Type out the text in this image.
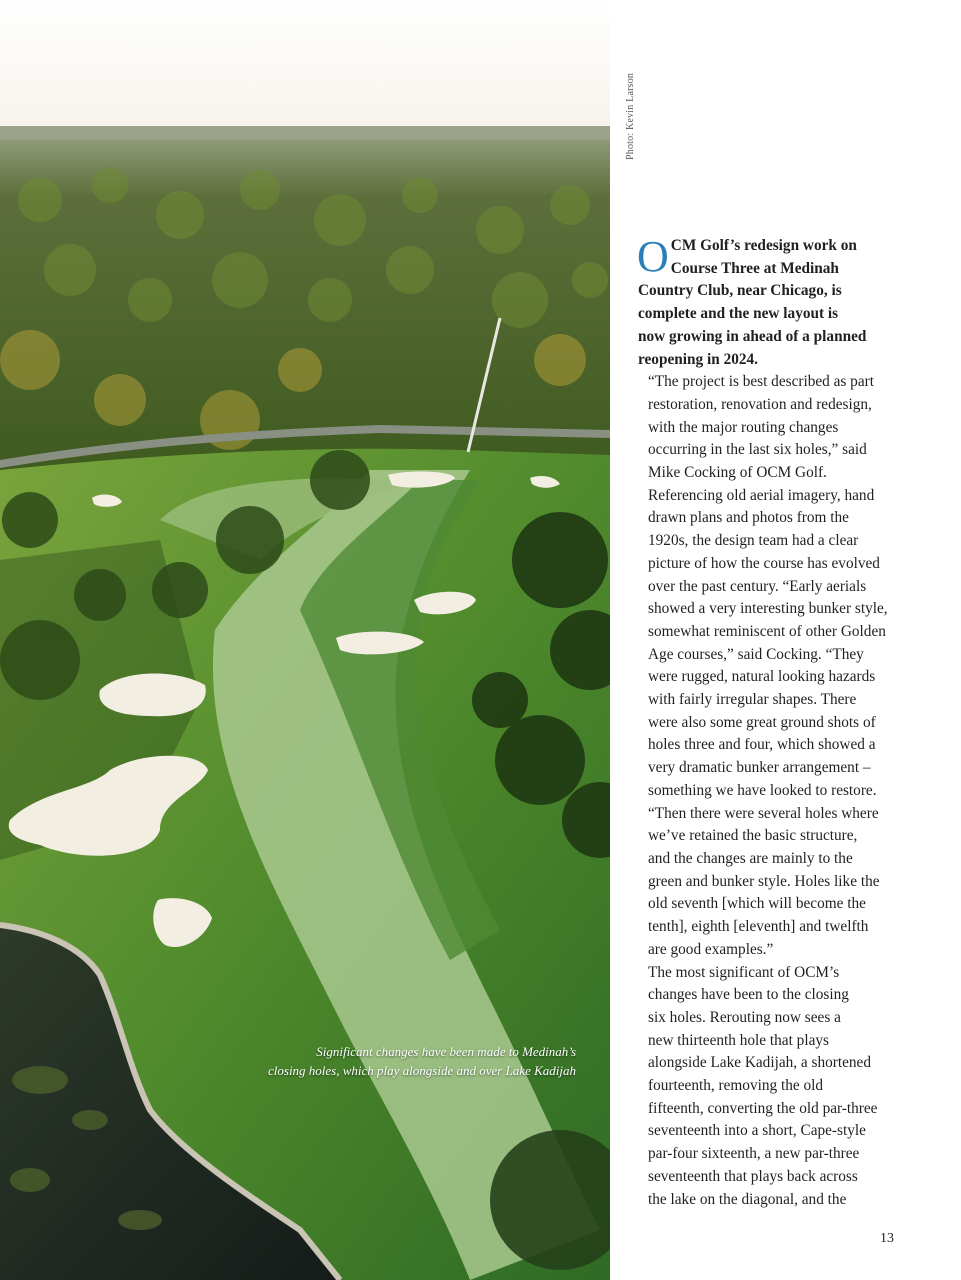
Photo: Kevin Larson
Significant changes have been made to Medinah’s
closing holes, which play alongside and over Lake Kadijah

O CM Golf’s redesign work on
Course Three at Medinah
Country Club, near Chicago, is
complete and the new layout is
now growing in ahead of a planned
reopening in 2024.

“The project is best described as part
restoration, renovation and redesign,
with the major routing changes
occurring in the last six holes,” said
Mike Cocking of OCM Golf.

Referencing old aerial imagery, hand
drawn plans and photos from the
1920s, the design team had a clear
picture of how the course has evolved
over the past century. “Early aerials
showed a very interesting bunker style,
somewhat reminiscent of other Golden
Age courses,” said Cocking. “They
were rugged, natural looking hazards
with fairly irregular shapes. There
were also some great ground shots of
holes three and four, which showed a
very dramatic bunker arrangement –
something we have looked to restore.

“Then there were several holes where
we’ve retained the basic structure,
and the changes are mainly to the
green and bunker style. Holes like the
old seventh [which will become the
tenth], eighth [eleventh] and twelfth
are good examples.”

The most significant of OCM’s
changes have been to the closing
six holes. Rerouting now sees a
new thirteenth hole that plays
alongside Lake Kadijah, a shortened
fourteenth, removing the old
fifteenth, converting the old par-three
seventeenth into a short, Cape-style
par-four sixteenth, a new par-three
seventeenth that plays back across
the lake on the diagonal, and the

13
